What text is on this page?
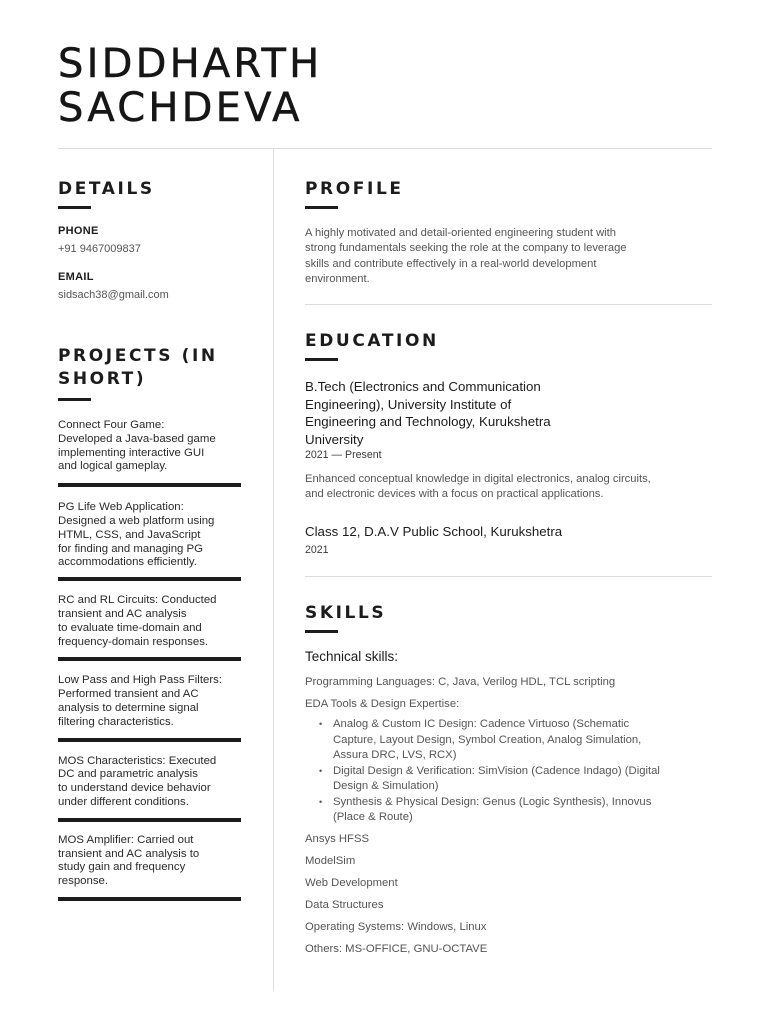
SIDDHARTH
SACHDEVA
DETAILS
PHONE
+91 9467009837
EMAIL
sidsach38@gmail.com
PROJECTS (IN
SHORT)
Connect Four Game:
Developed a Java-based game
implementing interactive GUI
and logical gameplay.
PG Life Web Application:
Designed a web platform using
HTML, CSS, and JavaScript
for finding and managing PG
accommodations efficiently.
RC and RL Circuits: Conducted
transient and AC analysis
to evaluate time-domain and
frequency-domain responses.
Low Pass and High Pass Filters:
Performed transient and AC
analysis to determine signal
filtering characteristics.
MOS Characteristics: Executed
DC and parametric analysis
to understand device behavior
under different conditions.
MOS Amplifier: Carried out
transient and AC analysis to
study gain and frequency
response.
PROFILE
A highly motivated and detail-oriented engineering student with
strong fundamentals seeking the role at the company to leverage
skills and contribute effectively in a real-world development
environment.
EDUCATION
B.Tech (Electronics and Communication
Engineering), University Institute of
Engineering and Technology, Kurukshetra
University
2021 — Present
Enhanced conceptual knowledge in digital electronics, analog circuits,
and electronic devices with a focus on practical applications.
Class 12, D.A.V Public School, Kurukshetra
2021
SKILLS
Technical skills:
Programming Languages: C, Java, Verilog HDL, TCL scripting
EDA Tools & Design Expertise:
• Analog & Custom IC Design: Cadence Virtuoso (Schematic
Capture, Layout Design, Symbol Creation, Analog Simulation,
Assura DRC, LVS, RCX)
• Digital Design & Verification: SimVision (Cadence Indago) (Digital
Design & Simulation)
• Synthesis & Physical Design: Genus (Logic Synthesis), Innovus
(Place & Route)
Ansys HFSS
ModelSim
Web Development
Data Structures
Operating Systems: Windows, Linux
Others: MS-OFFICE, GNU-OCTAVE
